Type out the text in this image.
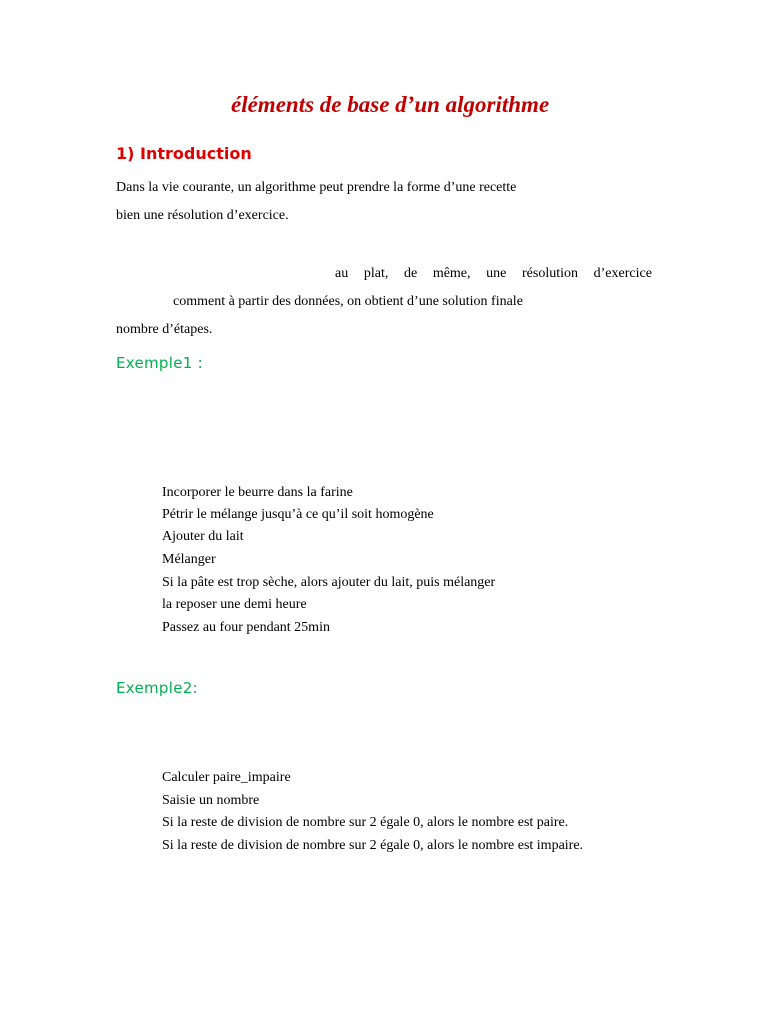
éléments de base d’un algorithme
1) Introduction
Dans la vie courante, un algorithme peut prendre la forme d’une recette
bien une résolution d’exercice.
au plat, de même, une résolution d’exercice
comment à partir des données, on obtient d’une solution finale
nombre d’étapes.
Exemple1 :
Incorporer le beurre dans la farine
Pétrir le mélange jusqu’à ce qu’il soit homogène
Ajouter du lait
Mélanger
Si la pâte est trop sèche, alors ajouter du lait, puis mélanger
la reposer une demi heure
Passez au four pendant 25min
Exemple2:
Calculer paire_impaire
Saisie un nombre
Si la reste de division de nombre sur 2 égale 0, alors le nombre est paire.
Si la reste de division de nombre sur 2 égale 0, alors le nombre est impaire.
